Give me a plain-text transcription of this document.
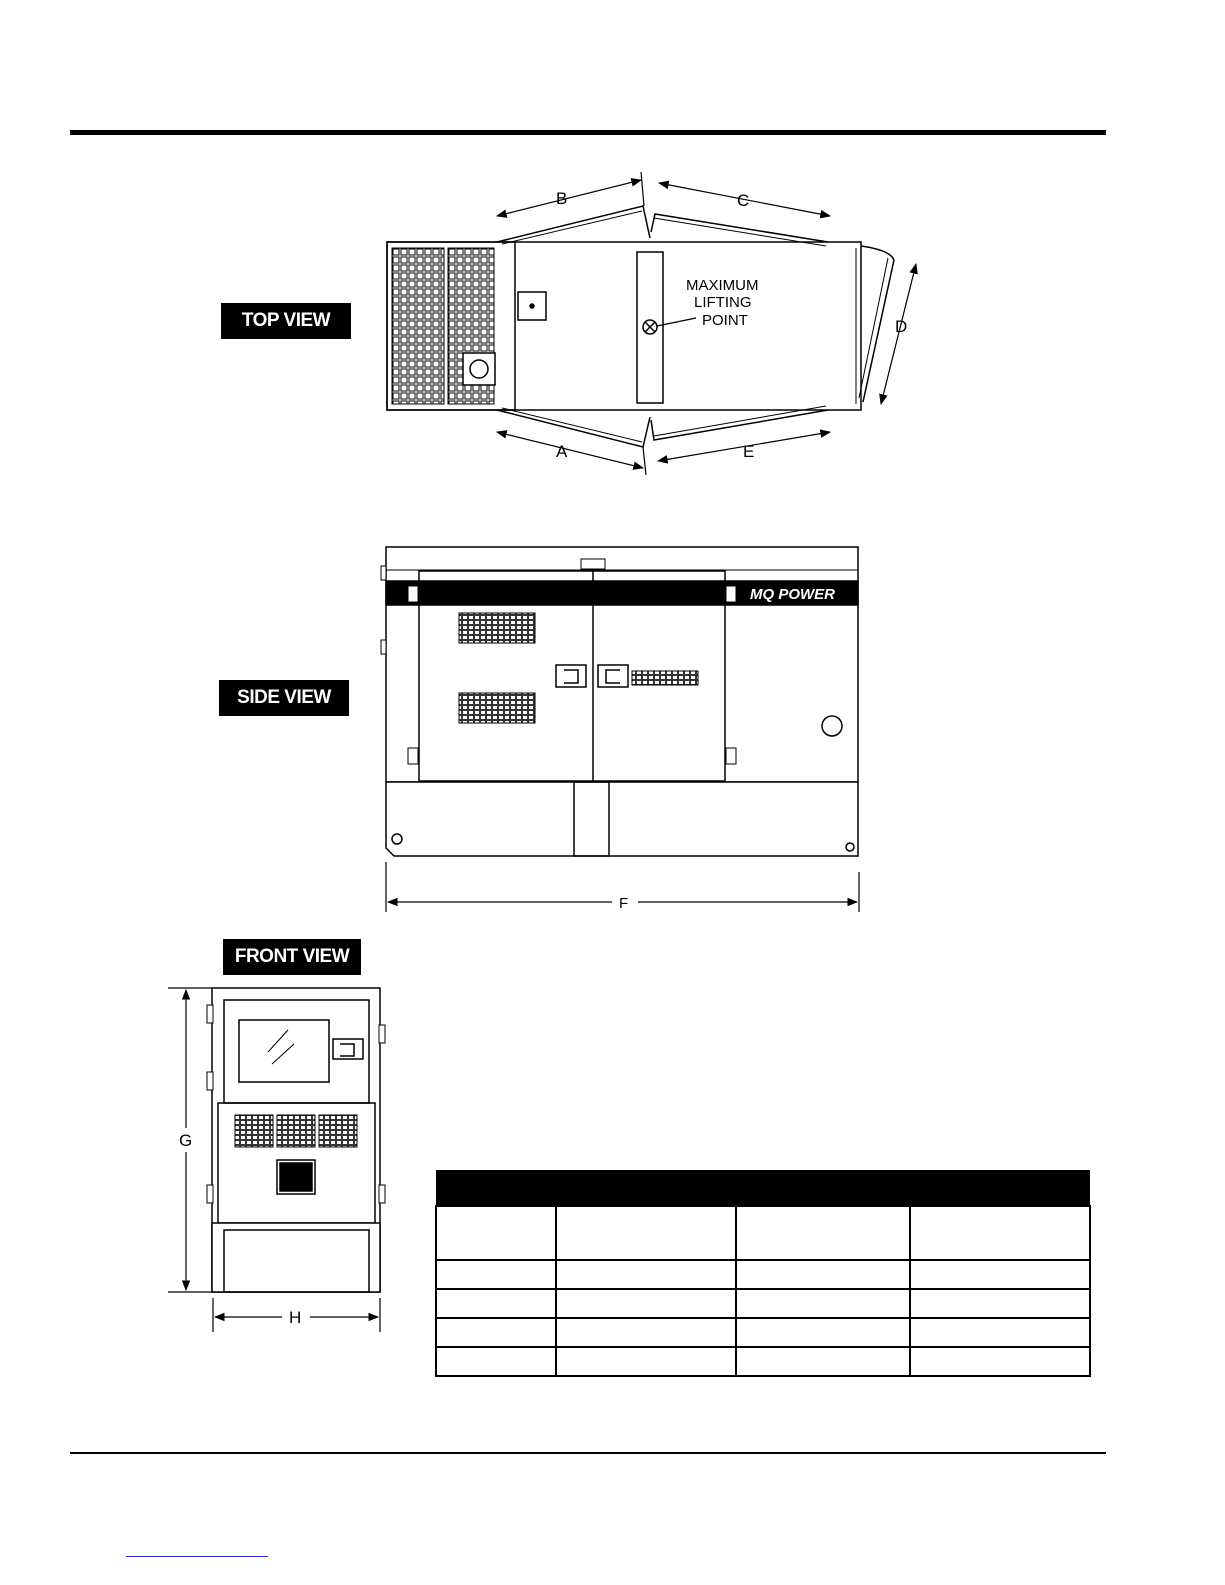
TOP VIEW
SIDE VIEW
FRONT VIEW
MQ POWER
MAXIMUM
LIFTING
POINT
B	C
A	E
D
F
G
H
